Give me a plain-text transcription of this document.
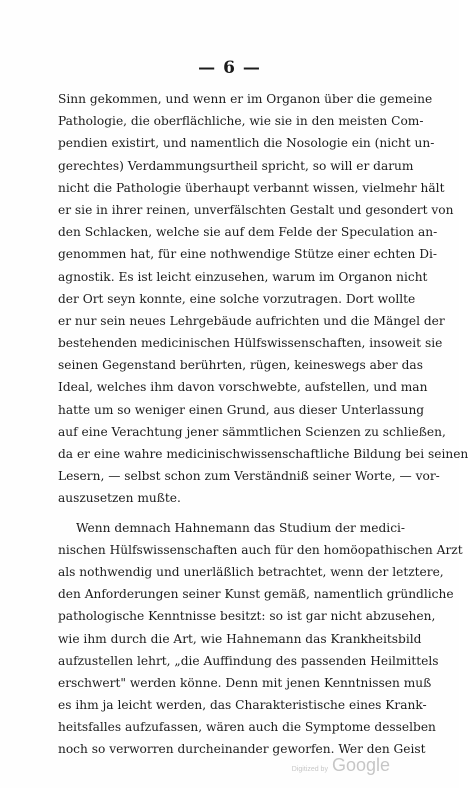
— 6 —
Sinn gekommen, und wenn er im Organon über die gemeine
Pathologie, die oberflächliche, wie sie in den meisten Com-
pendien existirt, und namentlich die Nosologie ein (nicht un-
gerechtes) Verdammungsurtheil spricht, so will er darum
nicht die Pathologie überhaupt verbannt wissen, vielmehr hält
er sie in ihrer reinen, unverfälschten Gestalt und gesondert von
den Schlacken, welche sie auf dem Felde der Speculation an-
genommen hat, für eine nothwendige Stütze einer echten Di-
agnostik. Es ist leicht einzusehen, warum im Organon nicht
der Ort seyn konnte, eine solche vorzutragen. Dort wollte
er nur sein neues Lehrgebäude aufrichten und die Mängel der
bestehenden medicinischen Hülfswissenschaften, insoweit sie
seinen Gegenstand berührten, rügen, keineswegs aber das
Ideal, welches ihm davon vorschwebte, aufstellen, und man
hatte um so weniger einen Grund, aus dieser Unterlassung
auf eine Verachtung jener sämmtlichen Scienzen zu schließen,
da er eine wahre medicinischwissenschaftliche Bildung bei seinen
Lesern, — selbst schon zum Verständniß seiner Worte, — vor-
auszusetzen mußte.
Wenn demnach Hahnemann das Studium der medici-
nischen Hülfswissenschaften auch für den homöopathischen Arzt
als nothwendig und unerläßlich betrachtet, wenn der letztere,
den Anforderungen seiner Kunst gemäß, namentlich gründliche
pathologische Kenntnisse besitzt: so ist gar nicht abzusehen,
wie ihm durch die Art, wie Hahnemann das Krankheitsbild
aufzustellen lehrt, „die Auffindung des passenden Heilmittels
erschwert" werden könne. Denn mit jenen Kenntnissen muß
es ihm ja leicht werden, das Charakteristische eines Krank-
heitsfalles aufzufassen, wären auch die Symptome desselben
noch so verworren durcheinander geworfen. Wer den Geist
Digitized by Google
